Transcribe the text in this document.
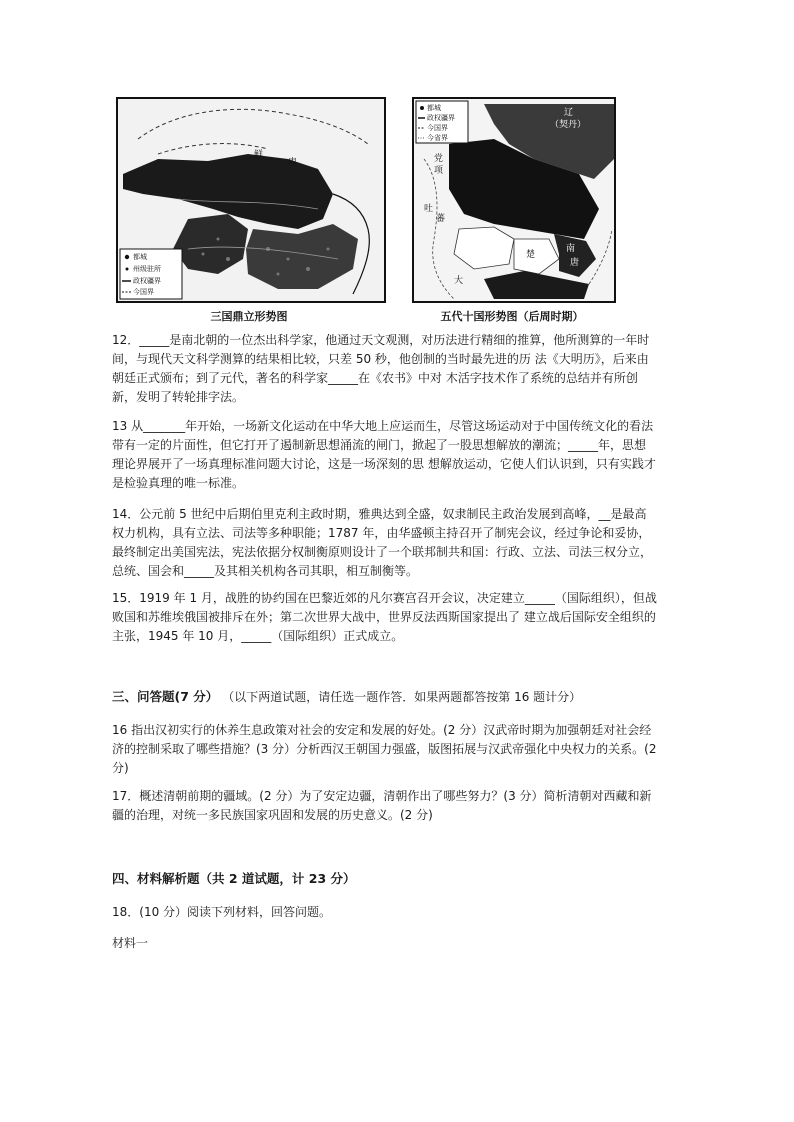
鲜
卑
都城
州级驻所
政权疆界
今国界
三国鼎立形势图
辽
（契丹）
党
项
吐
蕃
楚
南
唐
大
都城
政权疆界
今国界
今省界
五代十国形势图（后周时期）

12．_____是南北朝的一位杰出科学家，他通过天文观测，对历法进行精细的推算，他所测算的一年时间，与现代天文科学测算的结果相比较，只差 50 秒，他创制的当时最先进的历 法《大明历》，后来由朝廷正式颁布；到了元代，著名的科学家_____在《农书》中对 木活字技术作了系统的总结并有所创新，发明了转轮排字法。

13 从_______年开始，一场新文化运动在中华大地上应运而生，尽管这场运动对于中国传统文化的看法带有一定的片面性，但它打开了遏制新思想涌流的闸门，掀起了一股思想解放的潮流；_____年，思想理论界展开了一场真理标准问题大讨论，这是一场深刻的思 想解放运动，它使人们认识到，只有实践才是检验真理的唯一标准。

14．公元前 5 世纪中后期伯里克利主政时期，雅典达到全盛，奴隶制民主政治发展到高峰，__是最高权力机构，具有立法、司法等多种职能；1787 年，由华盛顿主持召开了制宪会议，经过争论和妥协，最终制定出美国宪法，宪法依据分权制衡原则设计了一个联邦制共和国：行政、立法、司法三权分立，总统、国会和_____及其相关机构各司其职，相互制衡等。

15．1919 年 1 月，战胜的协约国在巴黎近郊的凡尔赛宫召开会议，决定建立_____（国际组织），但战败国和苏维埃俄国被排斥在外；第二次世界大战中，世界反法西斯国家提出了 建立战后国际安全组织的主张，1945 年 10 月，_____（国际组织）正式成立。

三、问答题(7 分） （以下两道试题，请任选一题作答．如果两题都答按第 16 题计分）

16 指出汉初实行的休养生息政策对社会的安定和发展的好处。(2 分）汉武帝时期为加强朝廷对社会经济的控制采取了哪些措施？(3 分）分析西汉王朝国力强盛，版图拓展与汉武帝强化中央权力的关系。(2 分)

17．概述清朝前期的疆域。(2 分）为了安定边疆，清朝作出了哪些努力？(3 分）简析清朝对西藏和新疆的治理，对统一多民族国家巩固和发展的历史意义。(2 分)

四、材料解析题（共 2 道试题，计 23 分）

18．(10 分）阅读下列材料，回答问题。

材料一
